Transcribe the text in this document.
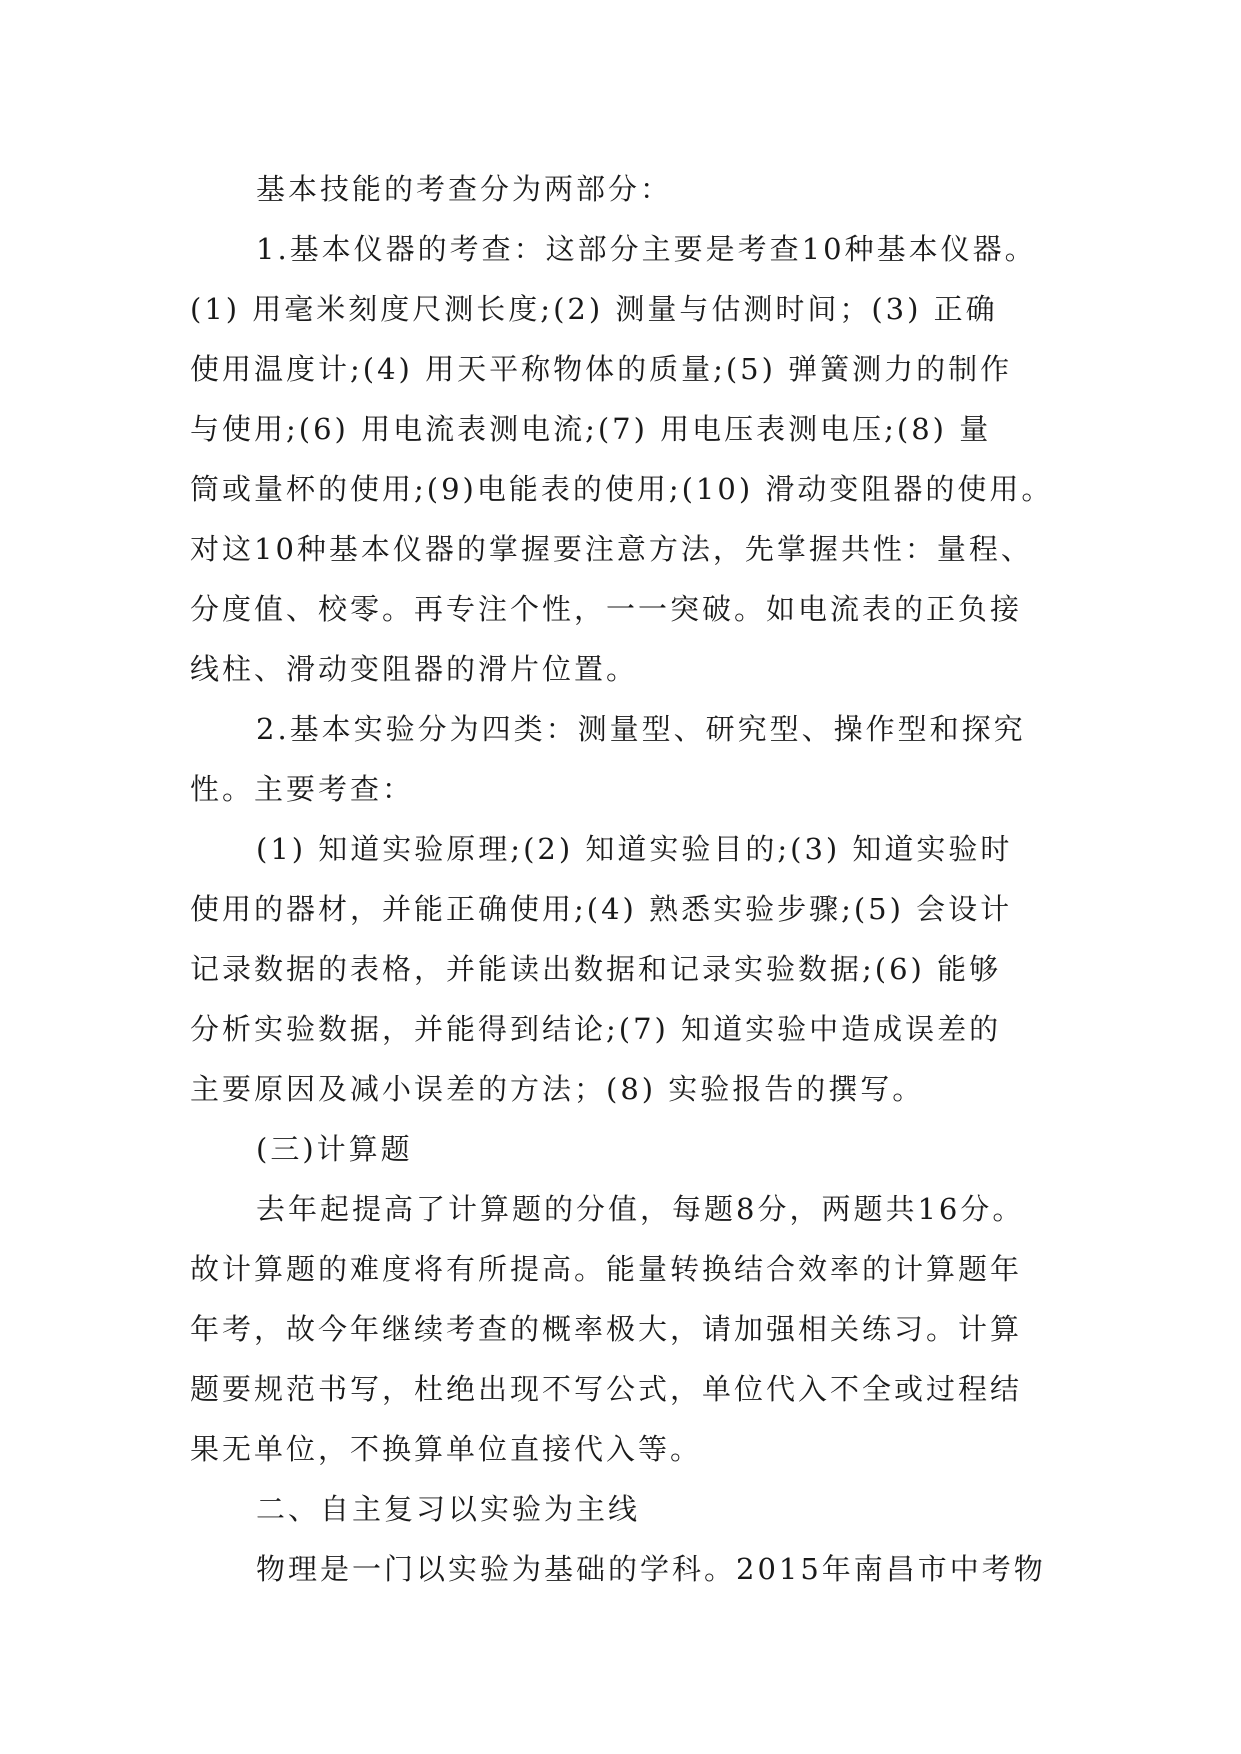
基本技能的考查分为两部分：
1.基本仪器的考查：这部分主要是考查10种基本仪器。
(1) 用毫米刻度尺测长度;(2) 测量与估测时间；(3) 正确
使用温度计;(4) 用天平称物体的质量;(5) 弹簧测力的制作
与使用;(6) 用电流表测电流;(7) 用电压表测电压;(8) 量
筒或量杯的使用;(9)电能表的使用;(10) 滑动变阻器的使用。
对这10种基本仪器的掌握要注意方法，先掌握共性：量程、
分度值、校零。再专注个性，一一突破。如电流表的正负接
线柱、滑动变阻器的滑片位置。
2.基本实验分为四类：测量型、研究型、操作型和探究
性。主要考查：
(1) 知道实验原理;(2) 知道实验目的;(3) 知道实验时
使用的器材，并能正确使用;(4) 熟悉实验步骤;(5) 会设计
记录数据的表格，并能读出数据和记录实验数据;(6) 能够
分析实验数据，并能得到结论;(7) 知道实验中造成误差的
主要原因及减小误差的方法；(8) 实验报告的撰写。
(三)计算题
去年起提高了计算题的分值，每题8分，两题共16分。
故计算题的难度将有所提高。能量转换结合效率的计算题年
年考，故今年继续考查的概率极大，请加强相关练习。计算
题要规范书写，杜绝出现不写公式，单位代入不全或过程结
果无单位，不换算单位直接代入等。
二、自主复习以实验为主线
物理是一门以实验为基础的学科。2015年南昌市中考物
